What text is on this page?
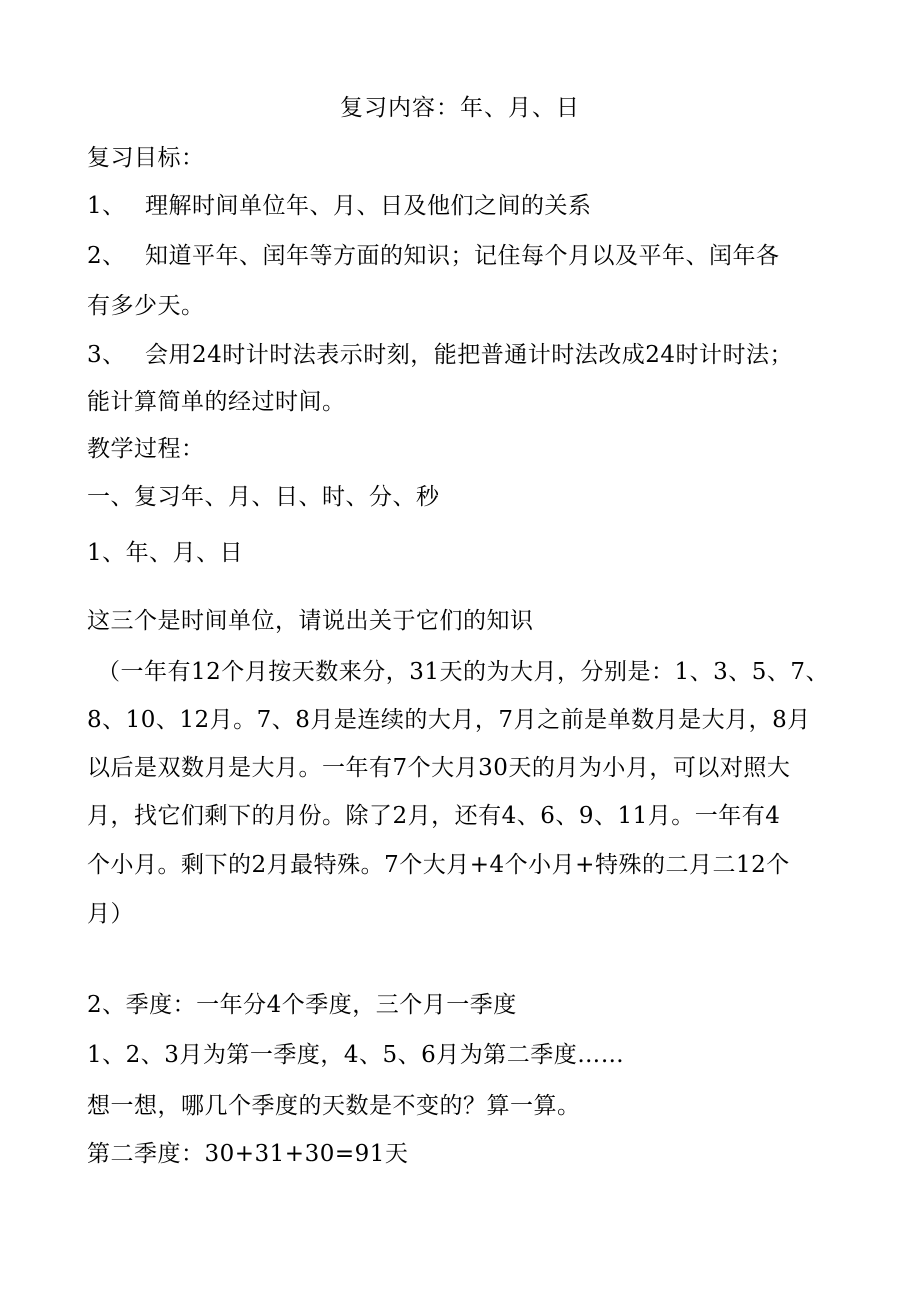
复习内容：年、月、日
复习目标：
1、 理解时间单位年、月、日及他们之间的关系
2、 知道平年、闰年等方面的知识；记住每个月以及平年、闰年各
有多少天。
3、 会用24时计时法表示时刻，能把普通计时法改成24时计时法；
能计算简单的经过时间。
教学过程：
一、复习年、月、日、时、分、秒
1、年、月、日
这三个是时间单位，请说出关于它们的知识
（一年有12个月按天数来分，31天的为大月，分别是：1、3、5、7、
8、10、12月。7、8月是连续的大月，7月之前是单数月是大月，8月
以后是双数月是大月。一年有7个大月30天的月为小月，可以对照大
月，找它们剩下的月份。除了2月，还有4、6、9、11月。一年有4
个小月。剩下的2月最特殊。7个大月+4个小月+特殊的二月二12个
月）
2、季度：一年分4个季度，三个月一季度
1、2、3月为第一季度，4、5、6月为第二季度……
想一想，哪几个季度的天数是不变的？算一算。
第二季度：30+31+30=91天
